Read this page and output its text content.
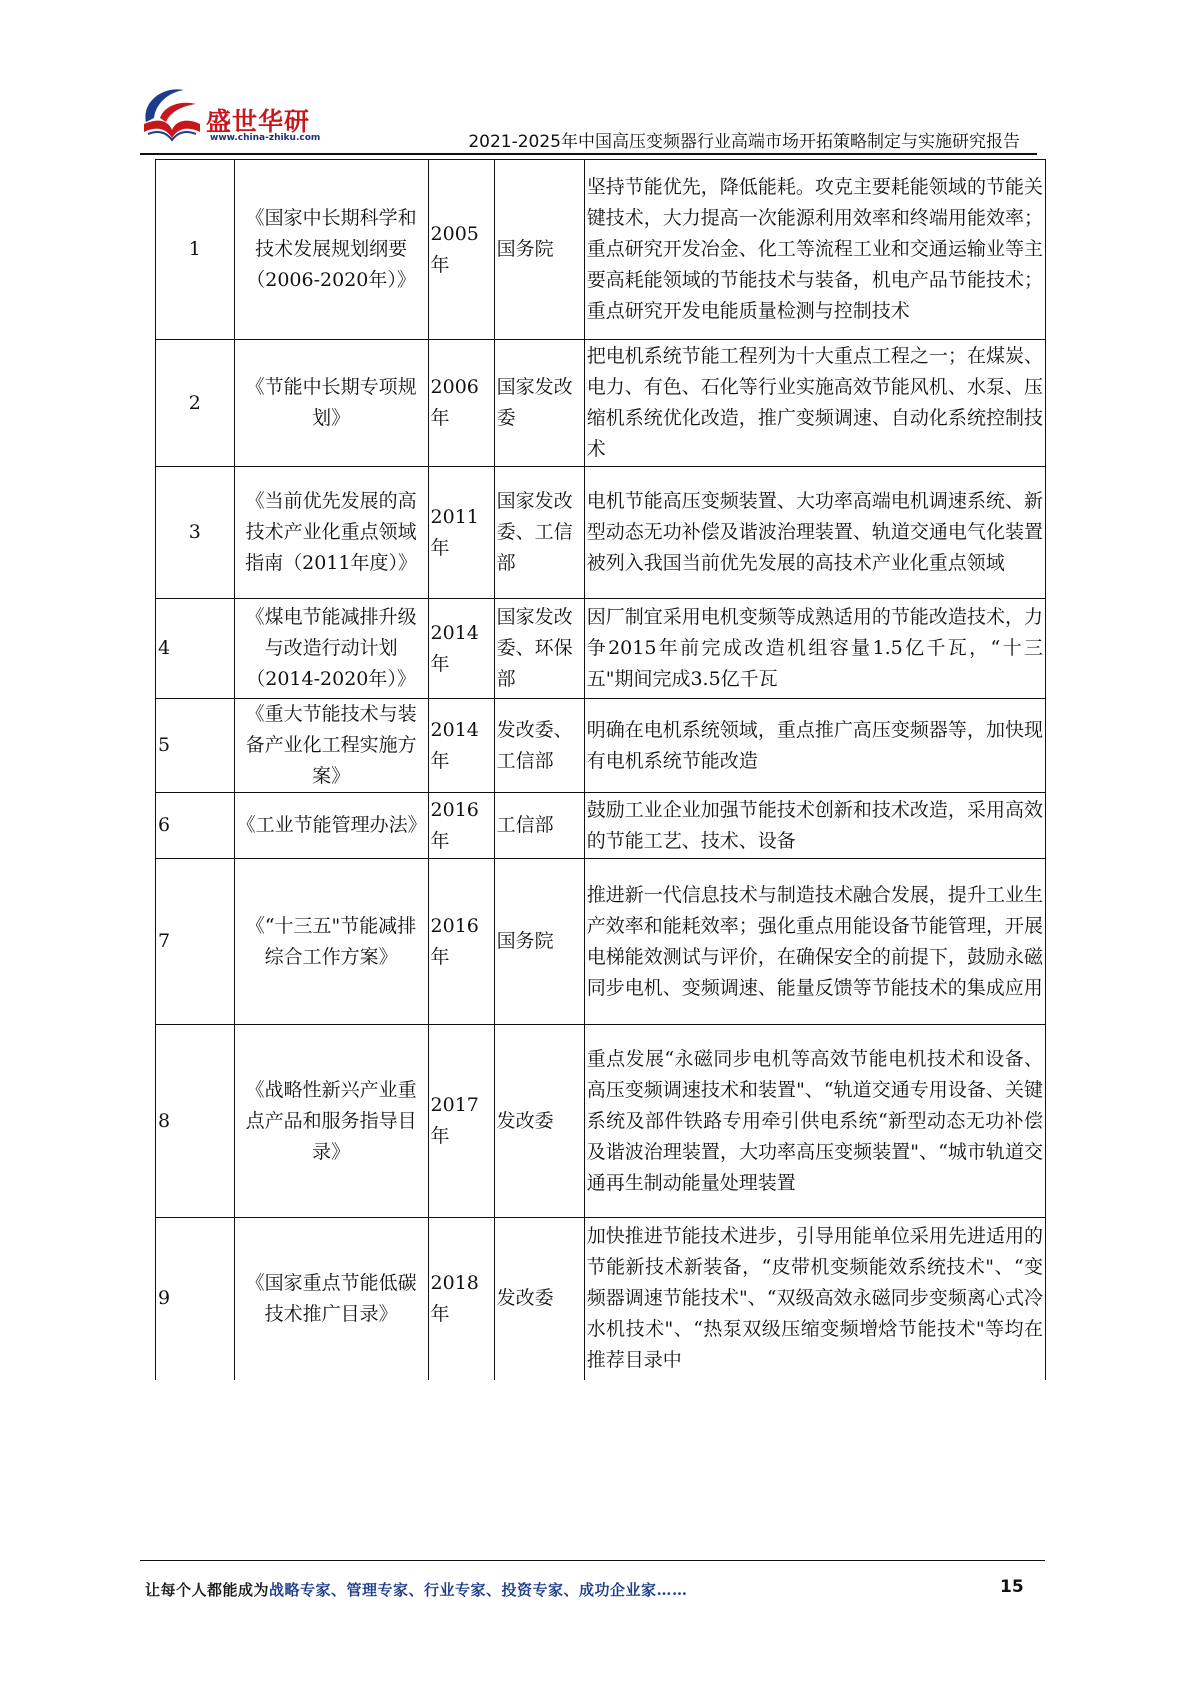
盛世华研
www.china-zhiku.com	2021-2025年中国高压变频器行业高端市场开拓策略制定与实施研究报告
1	《国家中长期科学和技术发展规划纲要（2006-2020年）》	2005年	国务院	坚持节能优先，降低能耗。攻克主要耗能领域的节能关键技术，大力提高一次能源利用效率和终端用能效率；重点研究开发冶金、化工等流程工业和交通运输业等主要高耗能领域的节能技术与装备，机电产品节能技术；重点研究开发电能质量检测与控制技术
2	《节能中长期专项规划》	2006年	国家发改委	把电机系统节能工程列为十大重点工程之一；在煤炭、电力、有色、石化等行业实施高效节能风机、水泵、压缩机系统优化改造，推广变频调速、自动化系统控制技术
3	《当前优先发展的高技术产业化重点领域指南（2011年度）》	2011年	国家发改委、工信部	电机节能高压变频装置、大功率高端电机调速系统、新型动态无功补偿及谐波治理装置、轨道交通电气化装置被列入我国当前优先发展的高技术产业化重点领域
4	《煤电节能减排升级与改造行动计划（2014-2020年）》	2014年	国家发改委、环保部	因厂制宜采用电机变频等成熟适用的节能改造技术，力争2015年前完成改造机组容量1.5亿千瓦，“十三五"期间完成3.5亿千瓦
5	《重大节能技术与装备产业化工程实施方案》	2014年	发改委、工信部	明确在电机系统领域，重点推广高压变频器等，加快现有电机系统节能改造
6	《工业节能管理办法》	2016年	工信部	鼓励工业企业加强节能技术创新和技术改造，采用高效的节能工艺、技术、设备
7	《“十三五"节能减排综合工作方案》	2016年	国务院	推进新一代信息技术与制造技术融合发展，提升工业生产效率和能耗效率；强化重点用能设备节能管理，开展电梯能效测试与评价，在确保安全的前提下，鼓励永磁同步电机、变频调速、能量反馈等节能技术的集成应用
8	《战略性新兴产业重点产品和服务指导目录》	2017年	发改委	重点发展“永磁同步电机等高效节能电机技术和设备、高压变频调速技术和装置"、“轨道交通专用设备、关键系统及部件铁路专用牵引供电系统“新型动态无功补偿及谐波治理装置，大功率高压变频装置"、“城市轨道交通再生制动能量处理装置
9	《国家重点节能低碳技术推广目录》	2018年	发改委	加快推进节能技术进步，引导用能单位采用先进适用的节能新技术新装备，“皮带机变频能效系统技术"、“变频器调速节能技术"、“双级高效永磁同步变频离心式冷水机技术"、“热泵双级压缩变频增焓节能技术"等均在推荐目录中
让每个人都能成为战略专家、管理专家、行业专家、投资专家、成功企业家……	15
